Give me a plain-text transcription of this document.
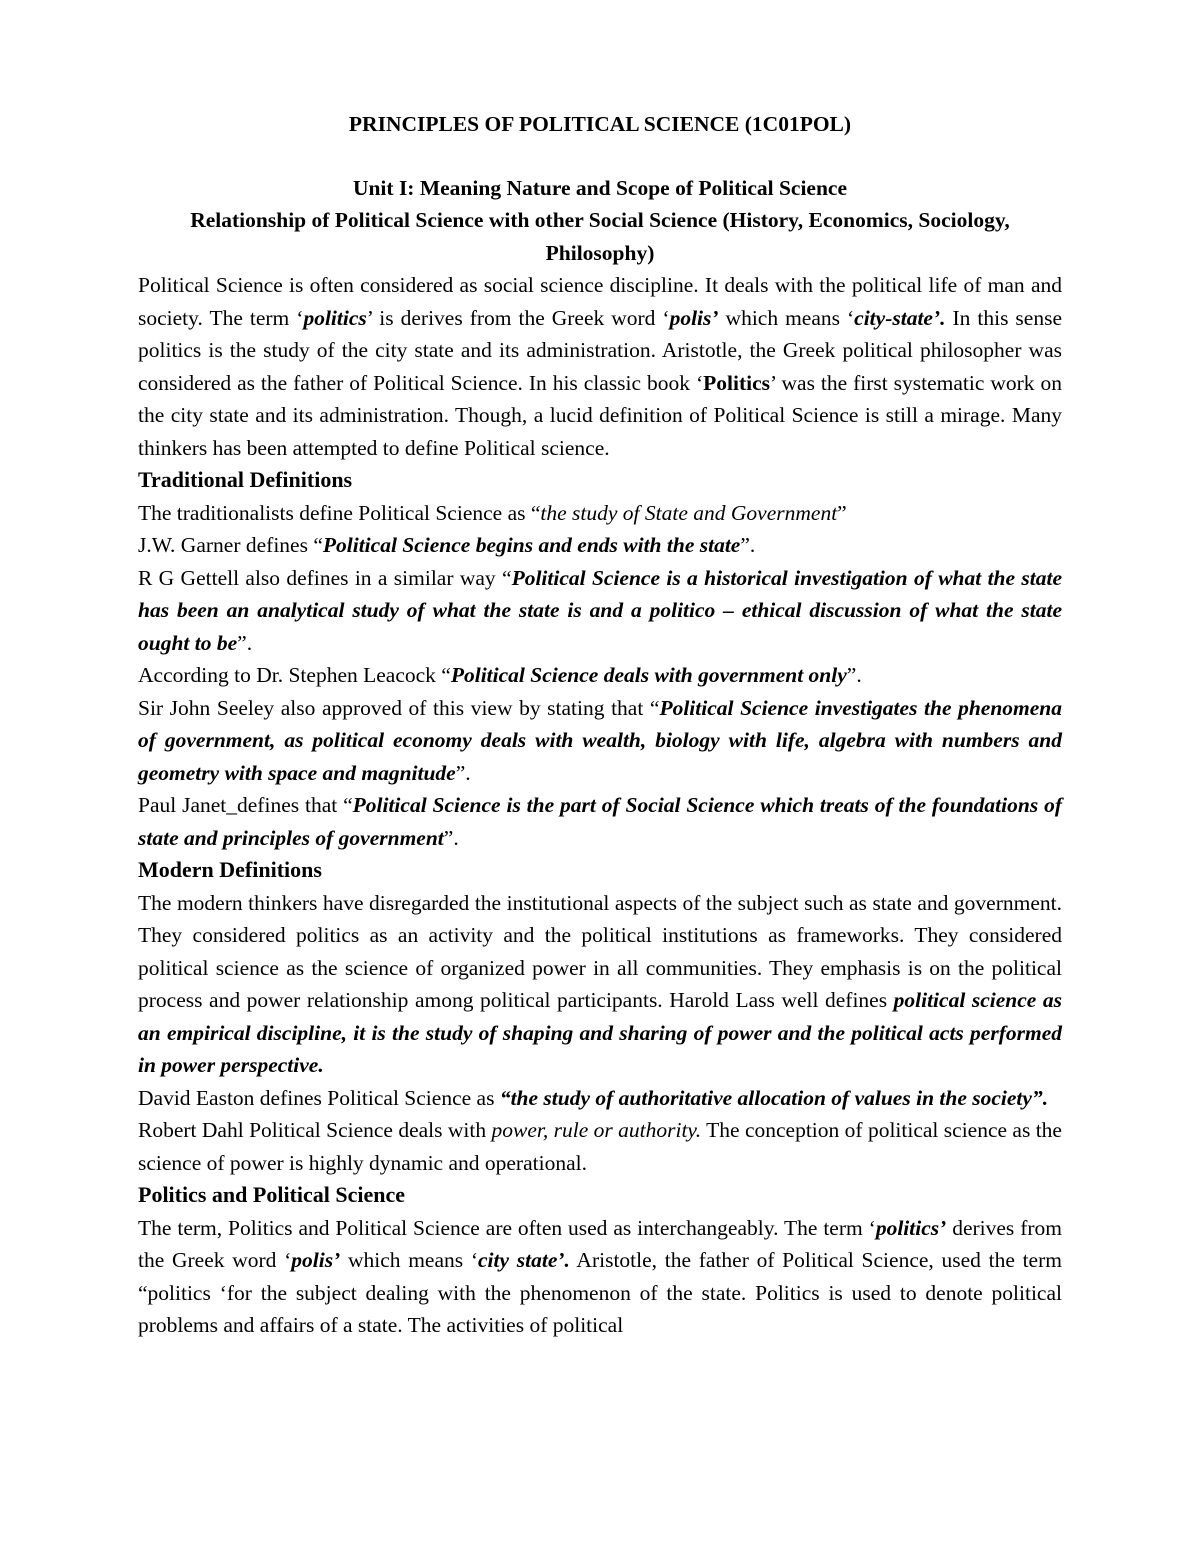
PRINCIPLES OF POLITICAL SCIENCE (1C01POL)
Unit I: Meaning Nature and Scope of Political Science
Relationship of Political Science with other Social Science (History, Economics, Sociology, Philosophy)

Political Science is often considered as social science discipline. It deals with the political life of man and society. The term ‘politics’ is derives from the Greek word ‘polis’ which means ‘city-state’. In this sense politics is the study of the city state and its administration. Aristotle, the Greek political philosopher was considered as the father of Political Science. In his classic book ‘Politics’ was the first systematic work on the city state and its administration. Though, a lucid definition of Political Science is still a mirage. Many thinkers has been attempted to define Political science.

Traditional Definitions

The traditionalists define Political Science as “the study of State and Government”

J.W. Garner defines “Political Science begins and ends with the state”.

R G Gettell also defines in a similar way “Political Science is a historical investigation of what the state has been an analytical study of what the state is and a politico – ethical discussion of what the state ought to be”.

According to Dr. Stephen Leacock “Political Science deals with government only”.

Sir John Seeley also approved of this view by stating that “Political Science investigates the phenomena of government, as political economy deals with wealth, biology with life, algebra with numbers and geometry with space and magnitude”.

Paul Janet_defines that “Political Science is the part of Social Science which treats of the foundations of state and principles of government”.

Modern Definitions

The modern thinkers have disregarded the institutional aspects of the subject such as state and government. They considered politics as an activity and the political institutions as frameworks. They considered political science as the science of organized power in all communities. They emphasis is on the political process and power relationship among political participants. Harold Lass well defines political science as an empirical discipline, it is the study of shaping and sharing of power and the political acts performed in power perspective.

David Easton defines Political Science as “the study of authoritative allocation of values in the society”.

Robert Dahl Political Science deals with power, rule or authority. The conception of political science as the science of power is highly dynamic and operational.

Politics and Political Science

The term, Politics and Political Science are often used as interchangeably. The term ‘politics’ derives from the Greek word ‘polis’ which means ‘city state’. Aristotle, the father of Political Science, used the term “politics ‘for the subject dealing with the phenomenon of the state. Politics is used to denote political problems and affairs of a state. The activities of political
